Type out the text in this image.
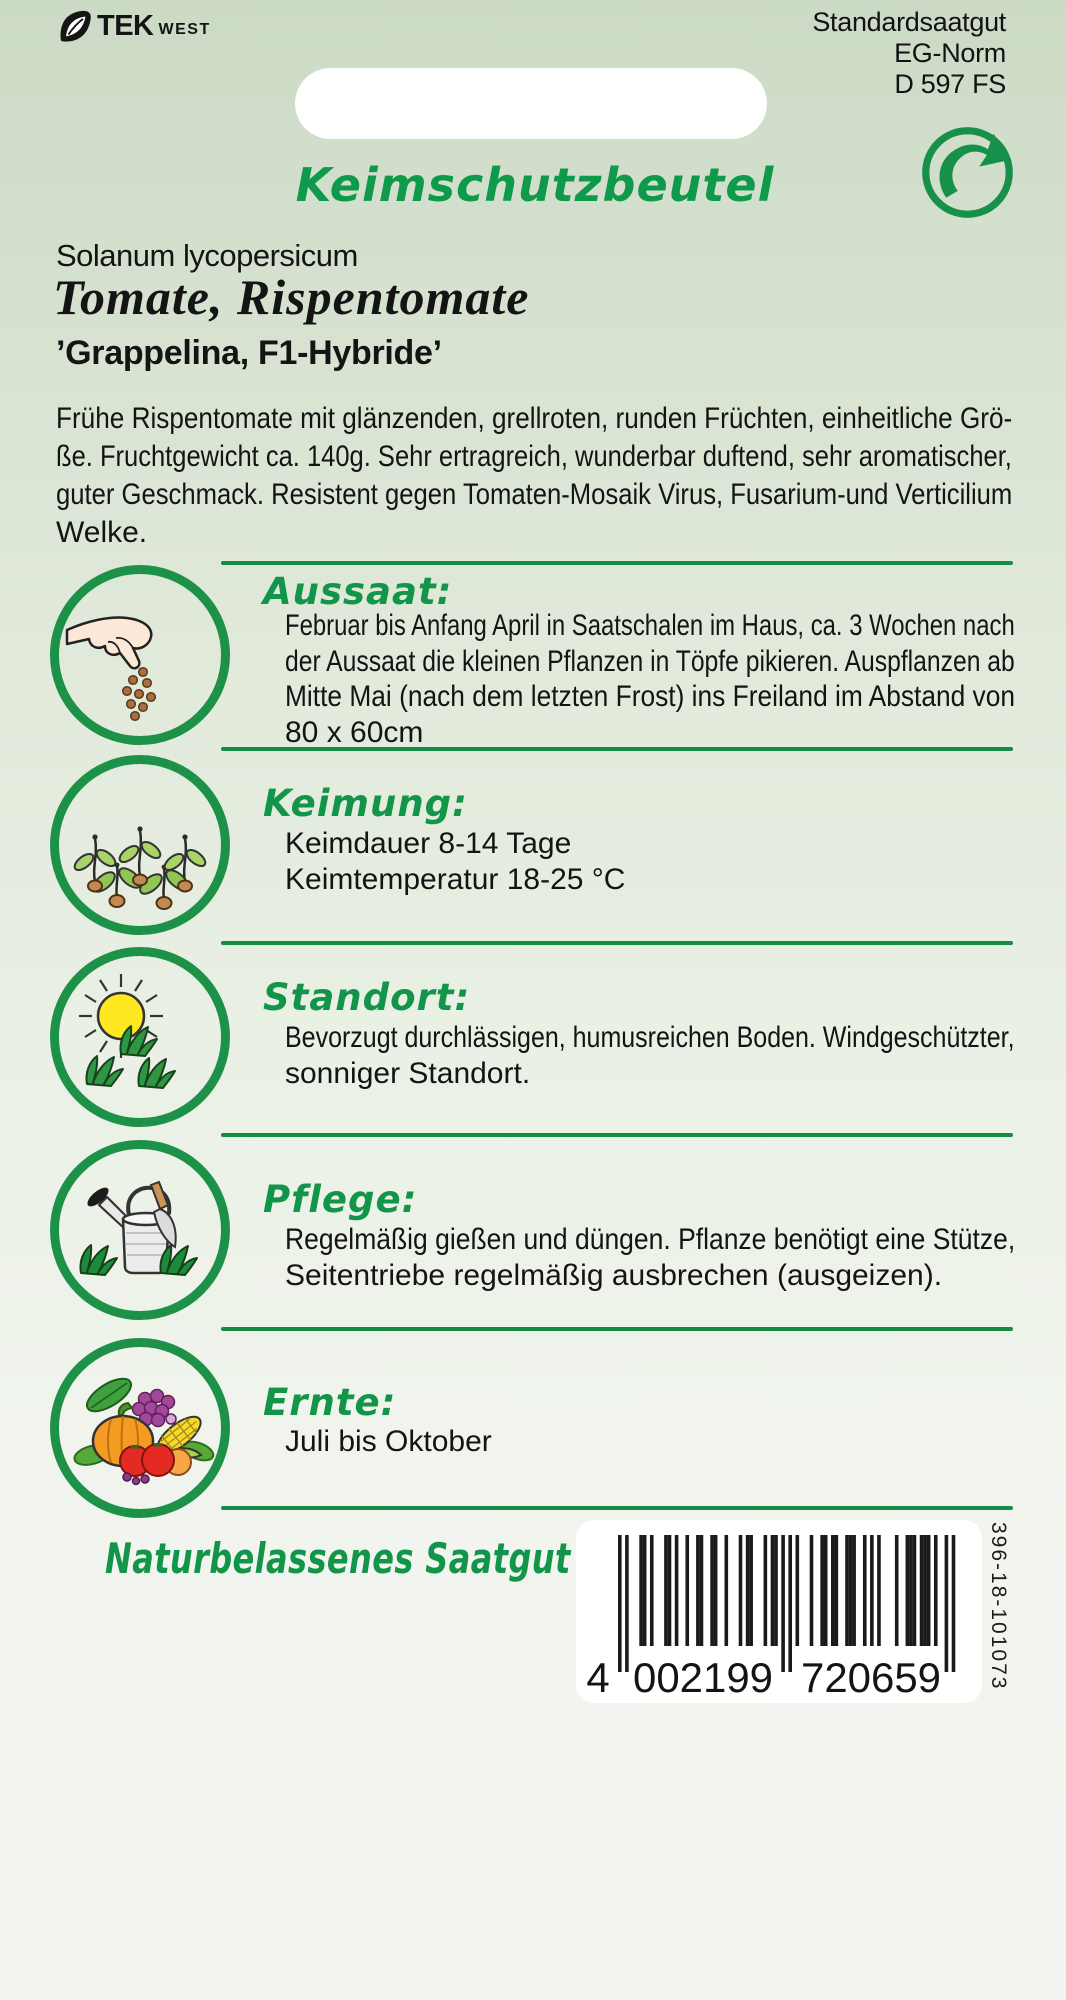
TEK WEST	Standardsaatgut
EG-Norm
D 597 FS
Keimschutzbeutel
Solanum lycopersicum
Tomate, Rispentomate
’Grappelina, F1-Hybride’
Frühe Rispentomate mit glänzenden, grellroten, runden Früchten, einheitliche Grö-
ße. Fruchtgewicht ca. 140g. Sehr ertragreich, wunderbar duftend, sehr aromatischer,
guter Geschmack. Resistent gegen Tomaten-Mosaik Virus, Fusarium-und Verticilium
Welke.
Aussaat:
Februar bis Anfang April in Saatschalen im Haus, ca. 3 Wochen nach
der Aussaat die kleinen Pflanzen in Töpfe pikieren. Auspflanzen ab
Mitte Mai (nach dem letzten Frost) ins Freiland im Abstand von
80 x 60cm
Keimung:
Keimdauer 8-14 Tage
Keimtemperatur 18-25 °C
Standort:
Bevorzugt durchlässigen, humusreichen Boden. Windgeschützter,
sonniger Standort.
Pflege:
Regelmäßig gießen und düngen. Pflanze benötigt eine Stütze,
Seitentriebe regelmäßig ausbrechen (ausgeizen).
Ernte:
Juli bis Oktober
Naturbelassenes Saatgut
4 002199 720659 396-18-101073
